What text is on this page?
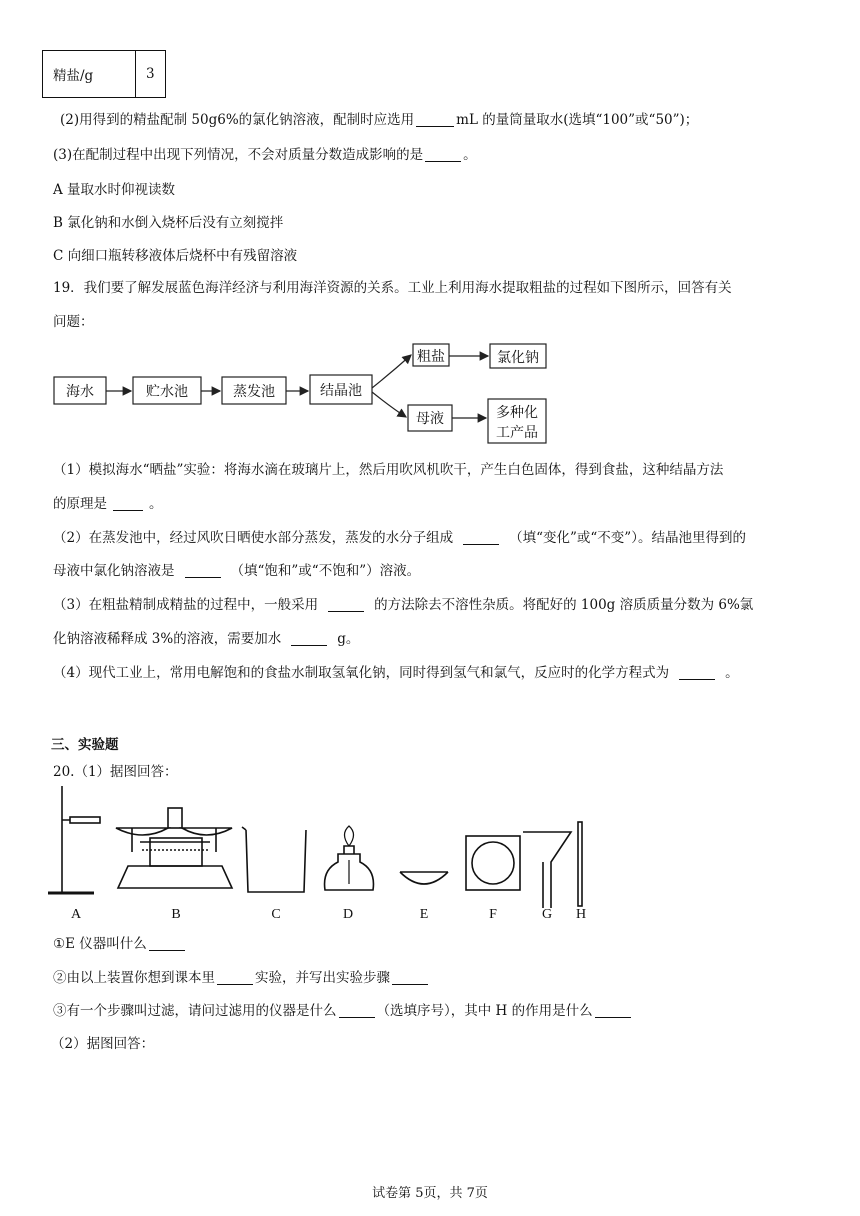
精盐/g	3
(2)用得到的精盐配制 50g6%的氯化钠溶液，配制时应选用	mL 的量筒量取水(选填“100”或“50”)；
(3)在配制过程中出现下列情况，不会对质量分数造成影响的是	。
A 量取水时仰视读数
B 氯化钠和水倒入烧杯后没有立刻搅拌
C 向细口瓶转移液体后烧杯中有残留溶液
19．我们要了解发展蓝色海洋经济与利用海洋资源的关系。工业上利用海水提取粗盐的过程如下图所示，回答有关
问题：
海水	贮水池	蒸发池	结晶池
粗盐	氯化钠
母液	多种化
工产品
（1）模拟海水“晒盐”实验：将海水滴在玻璃片上，然后用吹风机吹干，产生白色固体，得到食盐，这种结晶方法
的原理是	。
（2）在蒸发池中，经过风吹日晒使水部分蒸发，蒸发的水分子组成	（填“变化”或“不变”）。结晶池里得到的
母液中氯化钠溶液是	（填“饱和”或“不饱和”）溶液。
（3）在粗盐精制成精盐的过程中，一般采用	的方法除去不溶性杂质。将配好的 100g 溶质质量分数为 6%氯
化钠溶液稀释成 3%的溶液，需要加水	g。
（4）现代工业上，常用电解饱和的食盐水制取氢氧化钠，同时得到氢气和氯气，反应时的化学方程式为	。
三、实验题
20.（1）据图回答：
A	B	C	D	E	F	G H
①E 仪器叫什么
②由以上装置你想到课本里	实验，并写出实验步骤
③有一个步骤叫过滤，请问过滤用的仪器是什么	（选填序号），其中 H 的作用是什么
（2）据图回答：
试卷第 5页，共 7页
